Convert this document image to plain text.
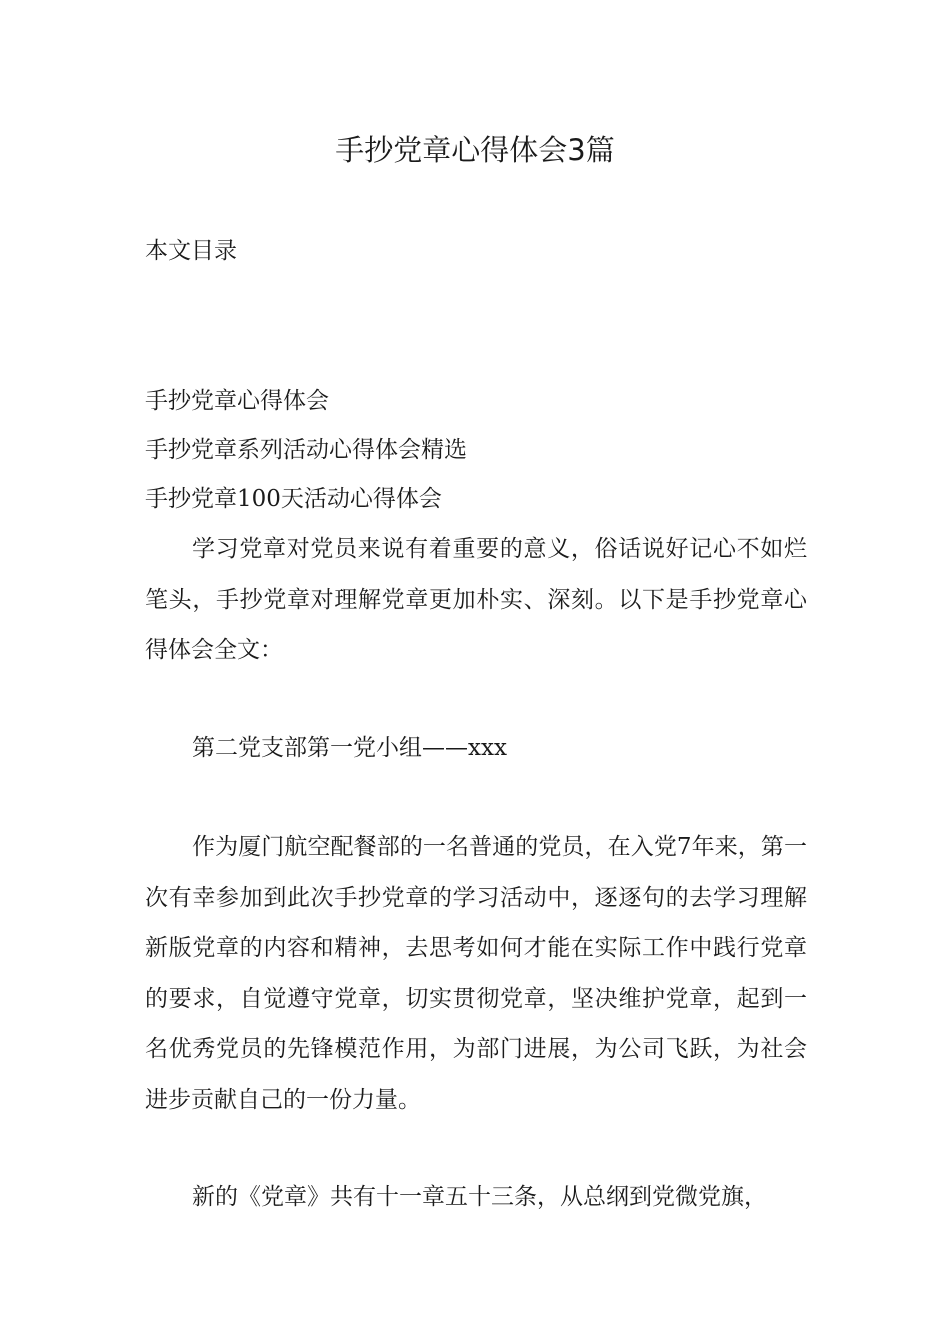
手抄党章心得体会3篇
本文目录
手抄党章心得体会
手抄党章系列活动心得体会精选
手抄党章100天活动心得体会

学习党章对党员来说有着重要的意义，俗话说好记心不如烂笔头，手抄党章对理解党章更加朴实、深刻。以下是手抄党章心得体会全文：

第二党支部第一党小组——xxx

作为厦门航空配餐部的一名普通的党员，在入党7年来，第一次有幸参加到此次手抄党章的学习活动中，逐逐句的去学习理解新版党章的内容和精神，去思考如何才能在实际工作中践行党章的要求，自觉遵守党章，切实贯彻党章，坚决维护党章，起到一名优秀党员的先锋模范作用，为部门进展，为公司飞跃，为社会进步贡献自己的一份力量。

新的《党章》共有十一章五十三条，从总纲到党微党旗，
